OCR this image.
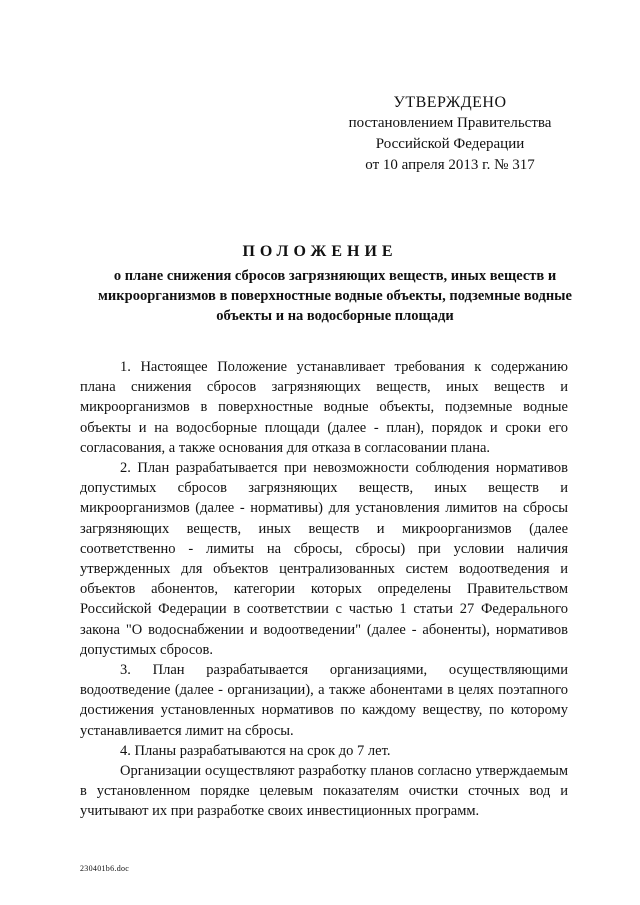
УТВЕРЖДЕНО
постановлением Правительства
Российской Федерации
от 10 апреля 2013 г. № 317
ПОЛОЖЕНИЕ
о плане снижения сбросов загрязняющих веществ, иных веществ и микроорганизмов в поверхностные водные объекты, подземные водные объекты и на водосборные площади

1. Настоящее Положение устанавливает требования к содержанию плана снижения сбросов загрязняющих веществ, иных веществ и микроорганизмов в поверхностные водные объекты, подземные водные объекты и на водосборные площади (далее - план), порядок и сроки его согласования, а также основания для отказа в согласовании плана.

2. План разрабатывается при невозможности соблюдения нормативов допустимых сбросов загрязняющих веществ, иных веществ и микроорганизмов (далее - нормативы) для установления лимитов на сбросы загрязняющих веществ, иных веществ и микроорганизмов (далее соответственно - лимиты на сбросы, сбросы) при условии наличия утвержденных для объектов централизованных систем водоотведения и объектов абонентов, категории которых определены Правительством Российской Федерации в соответствии с частью 1 статьи 27 Федерального закона "О водоснабжении и водоотведении" (далее - абоненты), нормативов допустимых сбросов.

3. План разрабатывается организациями, осуществляющими водоотведение (далее - организации), а также абонентами в целях поэтапного достижения установленных нормативов по каждому веществу, по которому устанавливается лимит на сбросы.

4. Планы разрабатываются на срок до 7 лет.

Организации осуществляют разработку планов согласно утверждаемым в установленном порядке целевым показателям очистки сточных вод и учитывают их при разработке своих инвестиционных программ.

230401b6.doc
